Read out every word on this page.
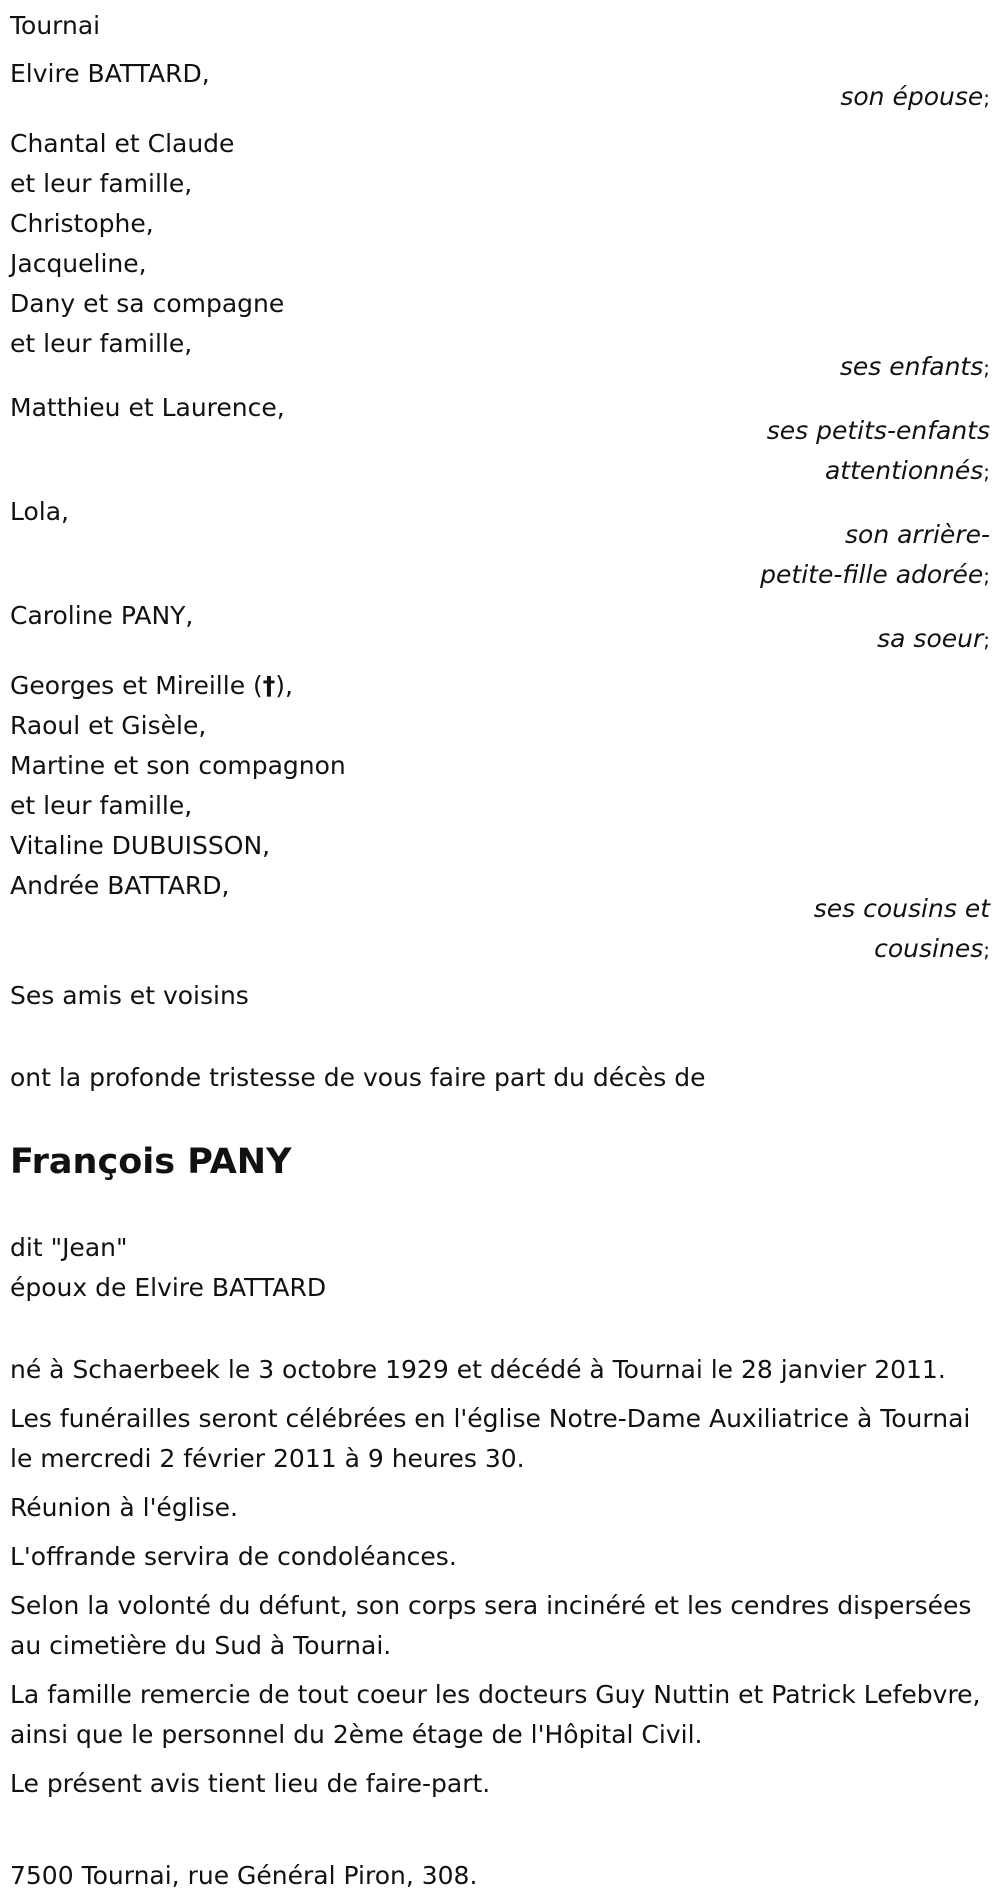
Tournai
Elvire BATTARD,
son épouse;
Chantal et Claude
et leur famille,
Christophe,
Jacqueline,
Dany et sa compagne
et leur famille,
ses enfants;
Matthieu et Laurence,
ses petits-enfants
attentionnés;
Lola,
son arrière-
petite-fille adorée;
Caroline PANY,
sa soeur;
Georges et Mireille (†),
Raoul et Gisèle,
Martine et son compagnon
et leur famille,
Vitaline DUBUISSON,
Andrée BATTARD,
ses cousins et
cousines;
Ses amis et voisins
ont la profonde tristesse de vous faire part du décès de
François PANY
dit "Jean"
époux de Elvire BATTARD

né à Schaerbeek le 3 octobre 1929 et décédé à Tournai le 28 janvier 2011.

Les funérailles seront célébrées en l'église Notre-Dame Auxiliatrice à Tournai le mercredi 2 février 2011 à 9 heures 30.

Réunion à l'église.

L'offrande servira de condoléances.

Selon la volonté du défunt, son corps sera incinéré et les cendres dispersées au cimetière du Sud à Tournai.

La famille remercie de tout coeur les docteurs Guy Nuttin et Patrick Lefebvre, ainsi que le personnel du 2ème étage de l'Hôpital Civil.

Le présent avis tient lieu de faire-part.

7500 Tournai, rue Général Piron, 308.
